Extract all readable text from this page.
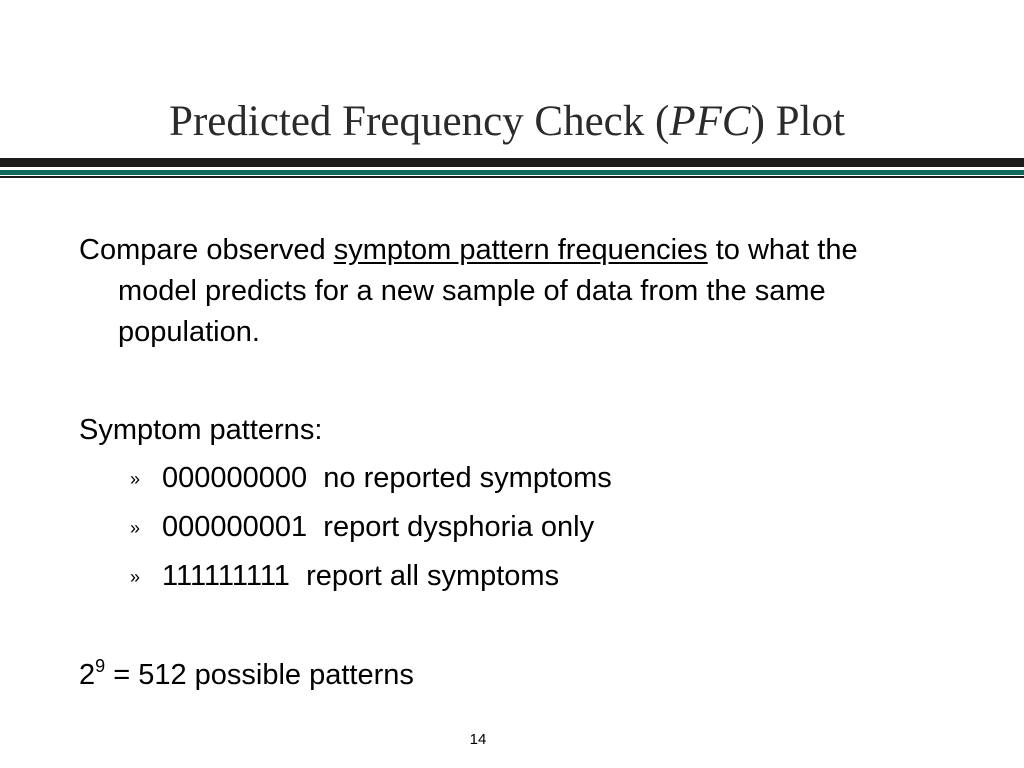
Predicted Frequency Check (PFC) Plot
Compare observed symptom pattern frequencies to what the model predicts for a new sample of data from the same population.
Symptom patterns:
» 000000000 no reported symptoms
» 000000001 report dysphoria only
» 111111111 report all symptoms
$2^9 = 512$ possible patterns
14
